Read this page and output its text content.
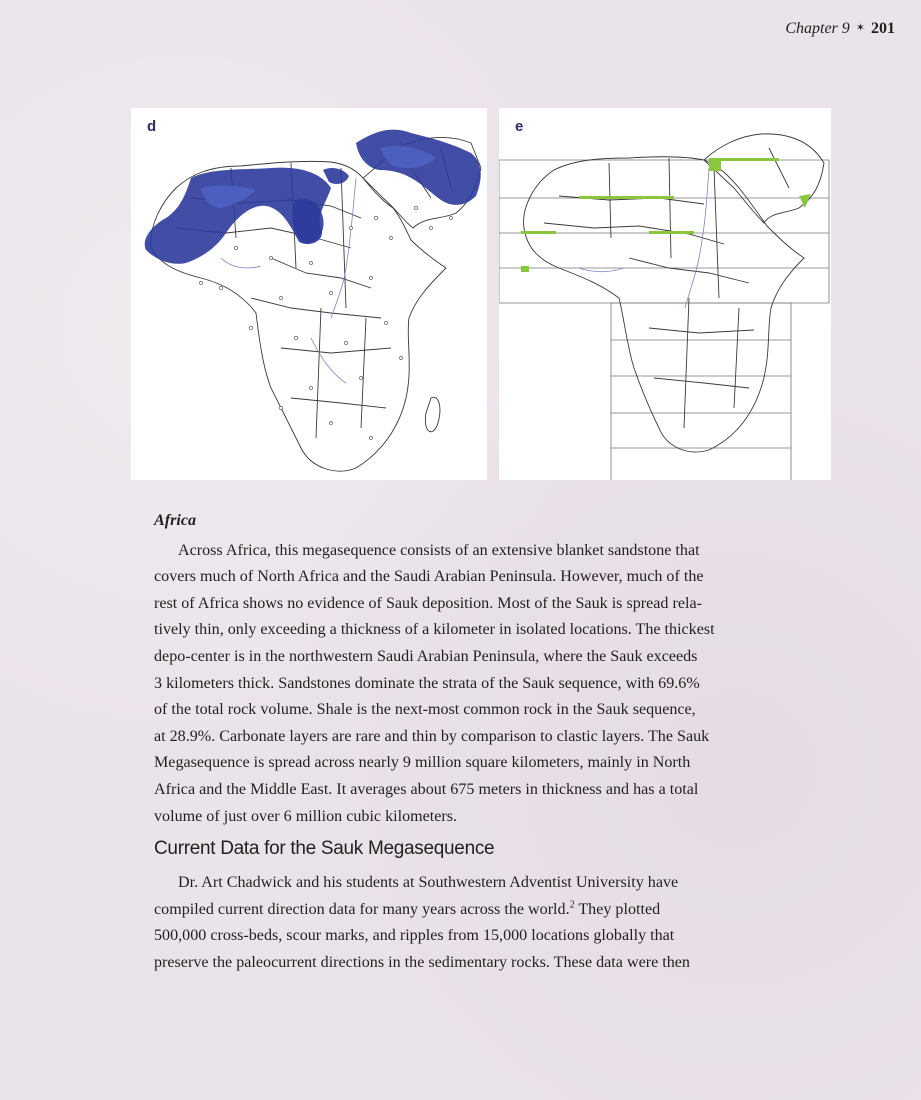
Chapter 9 ✶ 201
d	e
Africa

Across Africa, this megasequence consists of an extensive blanket sandstone that
covers much of North Africa and the Saudi Arabian Peninsula. However, much of the
rest of Africa shows no evidence of Sauk deposition. Most of the Sauk is spread rela-
tively thin, only exceeding a thickness of a kilometer in isolated locations. The thickest
depo-center is in the northwestern Saudi Arabian Peninsula, where the Sauk exceeds
3 kilometers thick. Sandstones dominate the strata of the Sauk sequence, with 69.6%
of the total rock volume. Shale is the next-most common rock in the Sauk sequence,
at 28.9%. Carbonate layers are rare and thin by comparison to clastic layers. The Sauk
Megasequence is spread across nearly 9 million square kilometers, mainly in North
Africa and the Middle East. It averages about 675 meters in thickness and has a total
volume of just over 6 million cubic kilometers.

Current Data for the Sauk Megasequence

Dr. Art Chadwick and his students at Southwestern Adventist University have
compiled current direction data for many years across the world.$^2$ They plotted
500,000 cross-beds, scour marks, and ripples from 15,000 locations globally that
preserve the paleocurrent directions in the sedimentary rocks. These data were then
